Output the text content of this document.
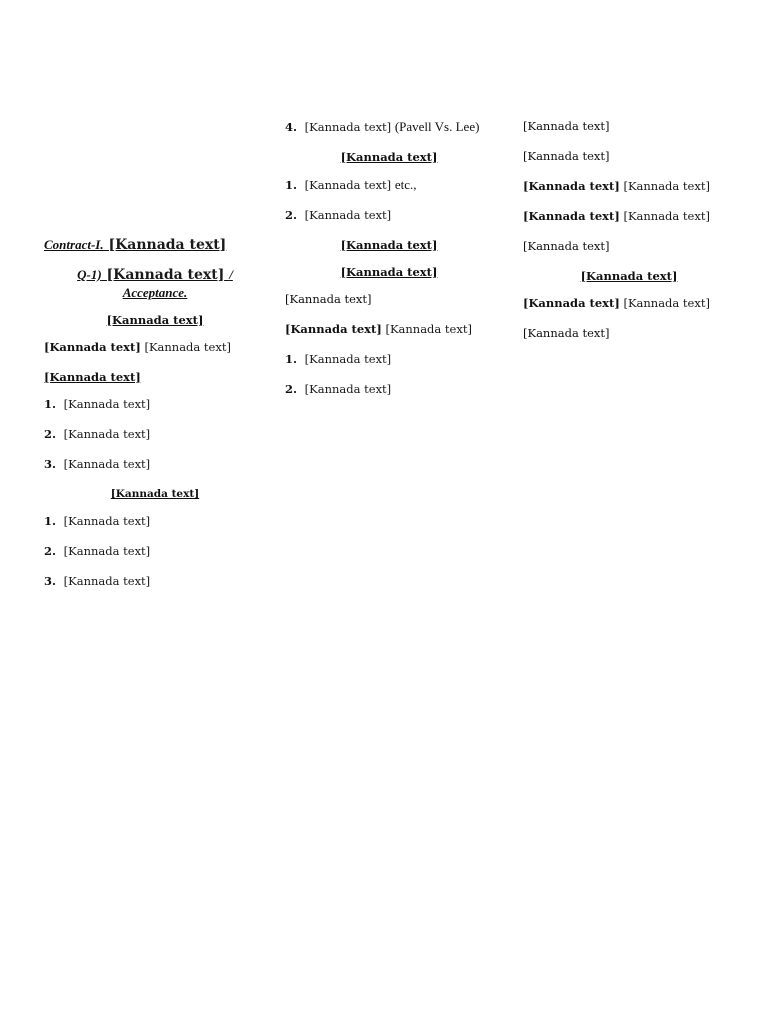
Contract-I. [Kannada text]
Q-1) [Kannada text] / Acceptance.
[Kannada text]

[Kannada text] [Kannada text]

[Kannada text]

1. [Kannada text]

2. [Kannada text]

3. [Kannada text]

[Kannada text]

1. [Kannada text]

2. [Kannada text]

3. [Kannada text]

4. [Kannada text] (Pavell Vs. Lee)

[Kannada text]

1. [Kannada text] etc.,

2. [Kannada text]

[Kannada text]
[Kannada text]

[Kannada text]

[Kannada text] [Kannada text]

1. [Kannada text]

2. [Kannada text]

[Kannada text]

[Kannada text]

[Kannada text] [Kannada text]

[Kannada text] [Kannada text]

[Kannada text]

[Kannada text]

[Kannada text] [Kannada text]

[Kannada text]
